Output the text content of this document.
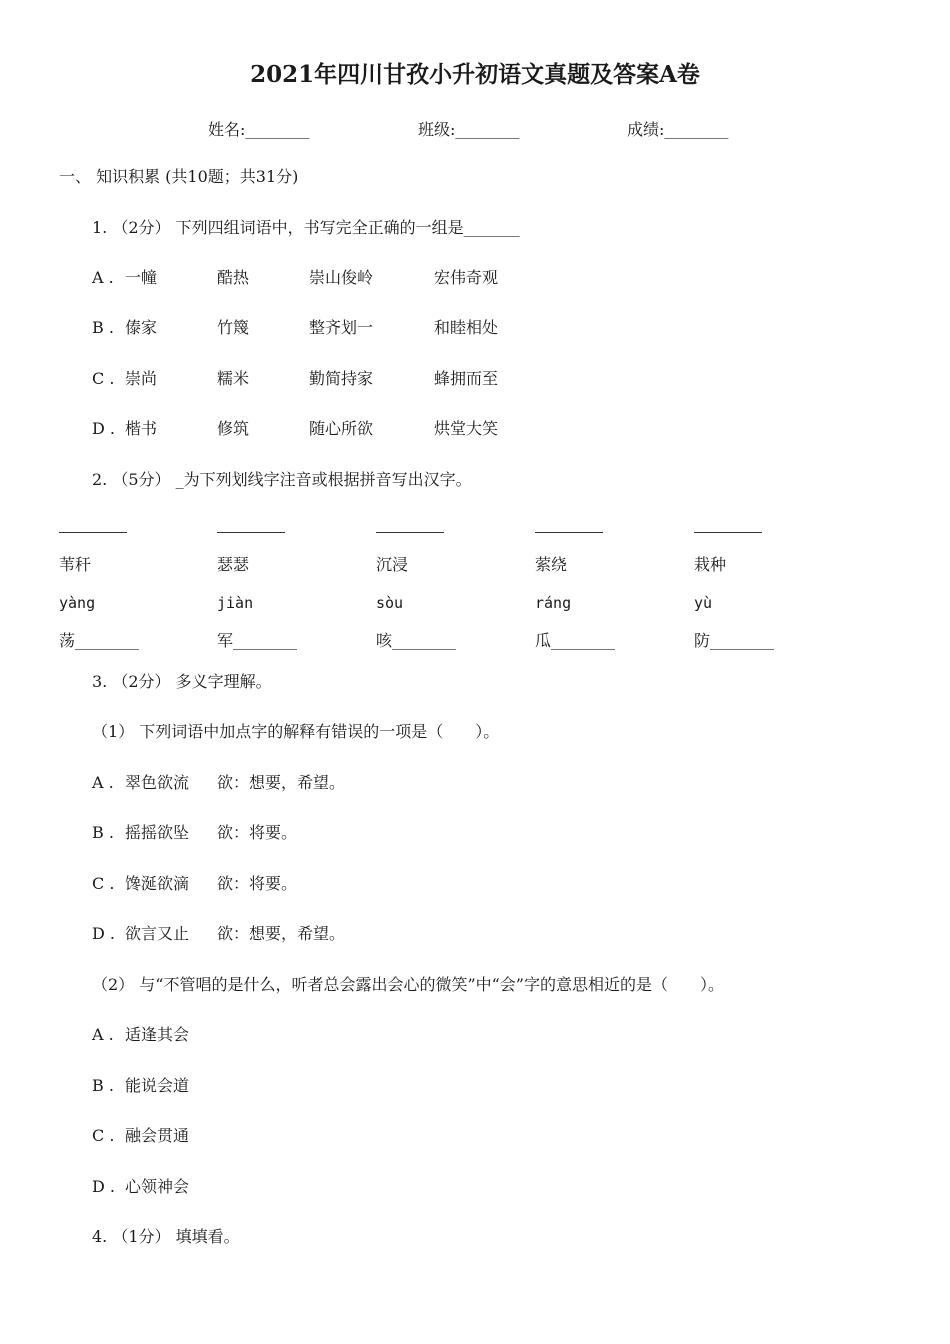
2021年四川甘孜小升初语文真题及答案A卷
姓名:________	班级:________	成绩:________
一、 知识积累 (共10题；共31分)
1. （2分） 下列四组词语中，书写完全正确的一组是_______
A . 一幢	酷热	崇山俊岭	宏伟奇观
B . 傣家	竹篾	整齐划一	和睦相处
C . 崇尚	糯米	勤简持家	蜂拥而至
D . 楷书	修筑	随心所欲	烘堂大笑
2. （5分） _为下列划线字注音或根据拼音写出汉字。
苇秆	瑟瑟	沉浸	萦绕	栽种
yàng	jiàn	sòu	ráng	yù
荡________	军________	咳________	瓜________	防________
3. （2分） 多义字理解。
（1） 下列词语中加点字的解释有错误的一项是（　　）。
A . 翠色欲流 欲：想要，希望。
B . 摇摇欲坠 欲：将要。
C . 馋涎欲滴 欲：将要。
D . 欲言又止 欲：想要，希望。
（2） 与“不管唱的是什么，听者总会露出会心的微笑”中“会”字的意思相近的是（　　）。
A . 适逢其会
B . 能说会道
C . 融会贯通
D . 心领神会
4. （1分） 填填看。
